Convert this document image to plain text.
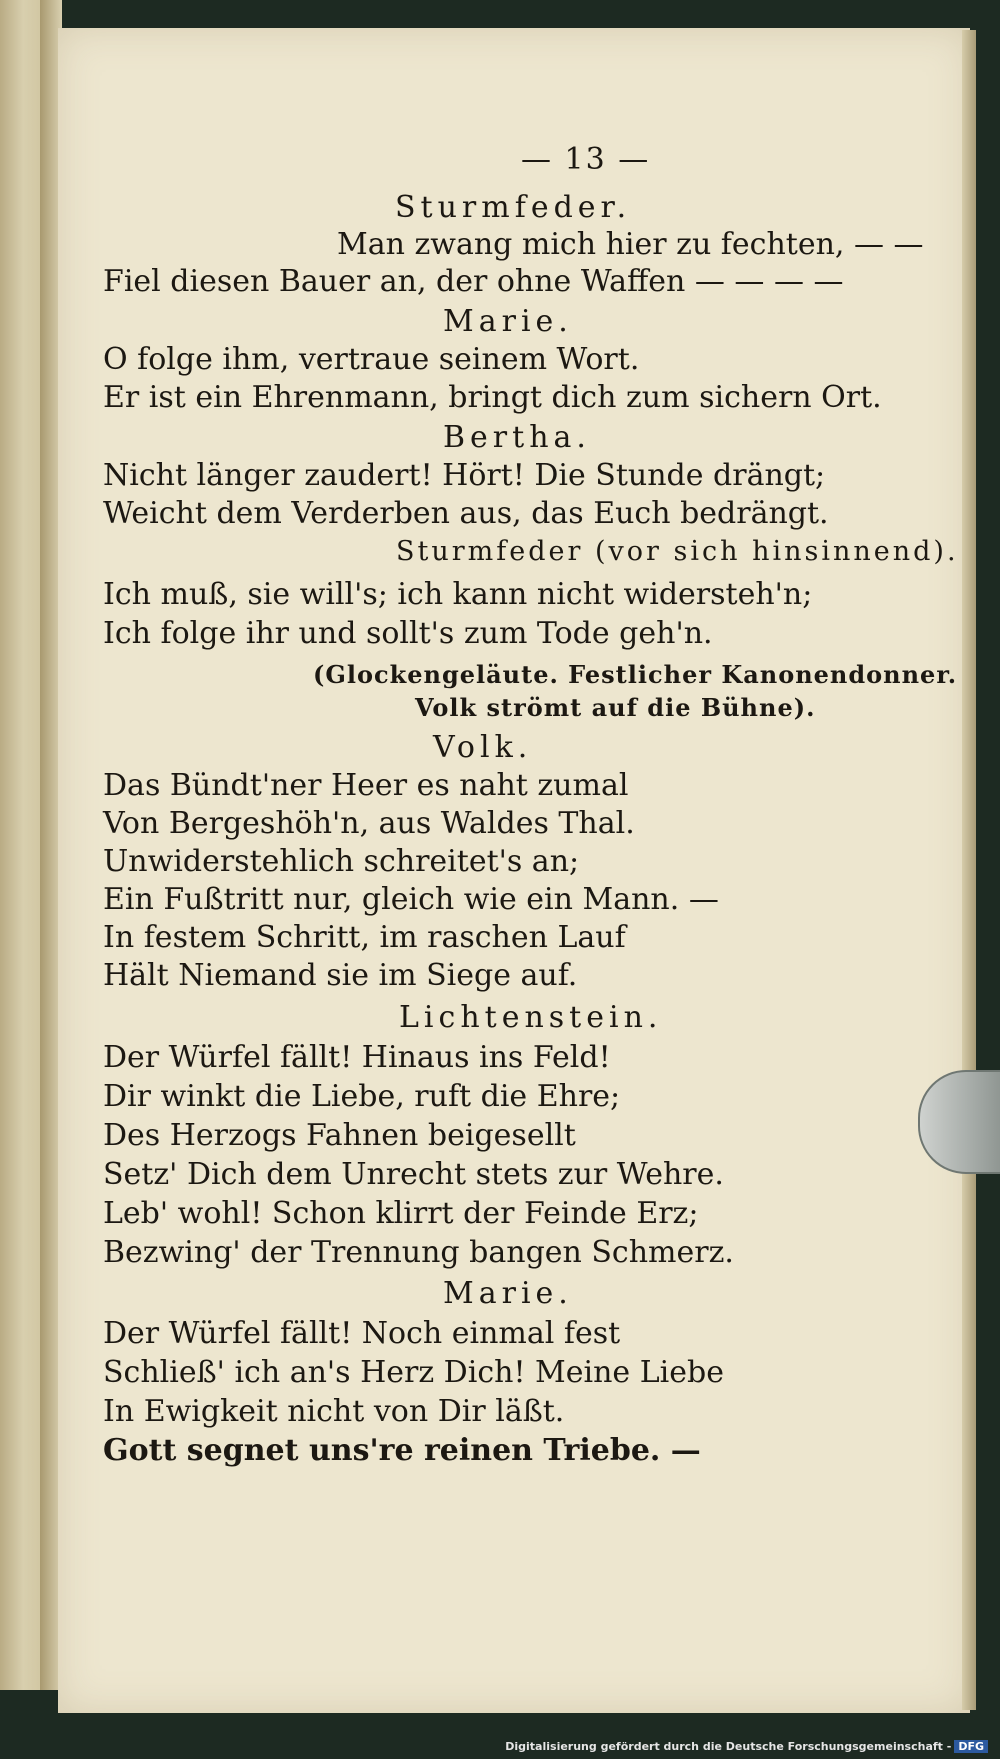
— 13 —
Sturmfeder.
Man zwang mich hier zu fechten, — —
Fiel diesen Bauer an, der ohne Waffen — — — —
Marie.
O folge ihm, vertraue seinem Wort.
Er ist ein Ehrenmann, bringt dich zum sichern Ort.
Bertha.
Nicht länger zaudert! Hört! Die Stunde drängt;
Weicht dem Verderben aus, das Euch bedrängt.
Sturmfeder (vor sich hinsinnend).
Ich muß, sie will's; ich kann nicht widersteh'n;
Ich folge ihr und sollt's zum Tode geh'n.
(Glockengeläute. Festlicher Kanonendonner.
Volk strömt auf die Bühne).
Volk.
Das Bündt'ner Heer es naht zumal
Von Bergeshöh'n, aus Waldes Thal.
Unwiderstehlich schreitet's an;
Ein Fußtritt nur, gleich wie ein Mann. —
In festem Schritt, im raschen Lauf
Hält Niemand sie im Siege auf.
Lichtenstein.
Der Würfel fällt! Hinaus ins Feld!
Dir winkt die Liebe, ruft die Ehre;
Des Herzogs Fahnen beigesellt
Setz' Dich dem Unrecht stets zur Wehre.
Leb' wohl! Schon klirrt der Feinde Erz;
Bezwing' der Trennung bangen Schmerz.
Marie.
Der Würfel fällt! Noch einmal fest
Schließ' ich an's Herz Dich! Meine Liebe
In Ewigkeit nicht von Dir läßt.
Gott segnet uns're reinen Triebe. —
Digitalisierung gefördert durch die Deutsche Forschungsgemeinschaft - DFG
